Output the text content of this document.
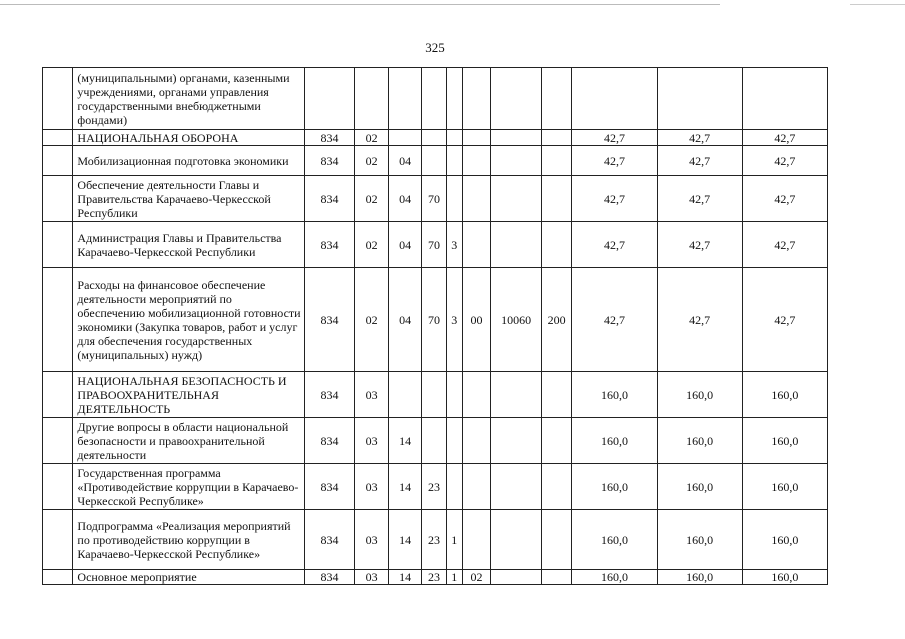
325
	(муниципальными) органами, казенными учреждениями, органами управления государственными внебюджетными фондами)											
	НАЦИОНАЛЬНАЯ ОБОРОНА	834	02							42,7	42,7	42,7
	Мобилизационная подготовка экономики	834	02	04						42,7	42,7	42,7
	Обеспечение деятельности Главы и Правительства Карачаево-Черкесской Республики	834	02	04	70					42,7	42,7	42,7
	Администрация Главы и Правительства Карачаево-Черкесской Республики	834	02	04	70	3				42,7	42,7	42,7
	Расходы на финансовое обеспечение деятельности мероприятий по обеспечению мобилизационной готовности экономики (Закупка товаров, работ и услуг для обеспечения государственных (муниципальных) нужд)	834	02	04	70	3	00	10060	200	42,7	42,7	42,7
	НАЦИОНАЛЬНАЯ БЕЗОПАСНОСТЬ И ПРАВООХРАНИТЕЛЬНАЯ ДЕЯТЕЛЬНОСТЬ	834	03							160,0	160,0	160,0
	Другие вопросы в области национальной безопасности и правоохранительной деятельности	834	03	14						160,0	160,0	160,0
	Государственная программа «Противодействие коррупции в Карачаево-Черкесской Республике»	834	03	14	23					160,0	160,0	160,0
	Подпрограмма «Реализация мероприятий по противодействию коррупции в Карачаево-Черкесской Республике»	834	03	14	23	1				160,0	160,0	160,0
	Основное мероприятие	834	03	14	23	1	02			160,0	160,0	160,0
